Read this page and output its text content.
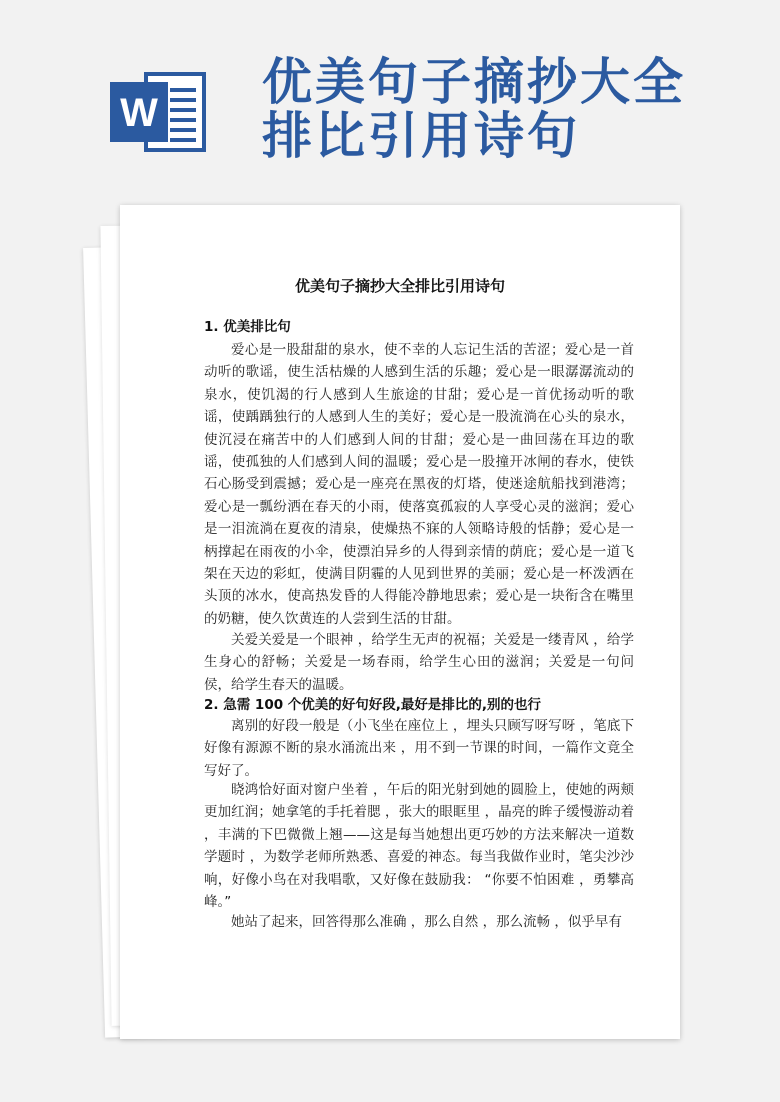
W
优美句子摘抄大全
排比引用诗句
优美句子摘抄大全排比引用诗句
1. 优美排比句

爱心是一股甜甜的泉水，使不幸的人忘记生活的苦涩；爱心是一首动听的歌谣，使生活枯燥的人感到生活的乐趣；爱心是一眼潺潺流动的泉水，使饥渴的行人感到人生旅途的甘甜；爱心是一首优扬动听的歌谣，使踽踽独行的人感到人生的美好；爱心是一股流淌在心头的泉水，使沉浸在痛苦中的人们感到人间的甘甜；爱心是一曲回荡在耳边的歌谣，使孤独的人们感到人间的温暖；爱心是一股撞开冰闸的春水，使铁石心肠受到震撼；爱心是一座亮在黑夜的灯塔，使迷途航船找到港湾；爱心是一瓢纷洒在春天的小雨，使落寞孤寂的人享受心灵的滋润；爱心是一泪流淌在夏夜的清泉，使燥热不寐的人领略诗般的恬静；爱心是一柄撑起在雨夜的小伞，使漂泊异乡的人得到亲情的荫庇；爱心是一道飞架在天边的彩虹，使满目阴霾的人见到世界的美丽；爱心是一杯泼洒在头顶的冰水，使高热发昏的人得能冷静地思索；爱心是一块衔含在嘴里的奶糖，使久饮黄连的人尝到生活的甘甜。

关爱关爱是一个眼神 ，给学生无声的祝福；关爱是一缕青风 ，给学生身心的舒畅；关爱是一场春雨，给学生心田的滋润；关爱是一句问侯，给学生春天的温暖。

2. 急需 100 个优美的好句好段,最好是排比的,别的也行

离别的好段一般是（小飞坐在座位上 ，埋头只顾写呀写呀 ，笔底下好像有源源不断的泉水涌流出来 ，用不到一节课的时间，一篇作文竟全写好了。

晓鸿恰好面对窗户坐着 ，午后的阳光射到她的圆脸上，使她的两颊更加红润；她拿笔的手托着腮 ，张大的眼眶里 ，晶亮的眸子缓慢游动着 ，丰满的下巴微微上翘——这是每当她想出更巧妙的方法来解决一道数学题时 ，为数学老师所熟悉、喜爱的神态。每当我做作业时，笔尖沙沙响，好像小鸟在对我唱歌，又好像在鼓励我： “你要不怕困难 ，勇攀高峰。”

她站了起来，回答得那么准确 ，那么自然 ，那么流畅 ，似乎早有
